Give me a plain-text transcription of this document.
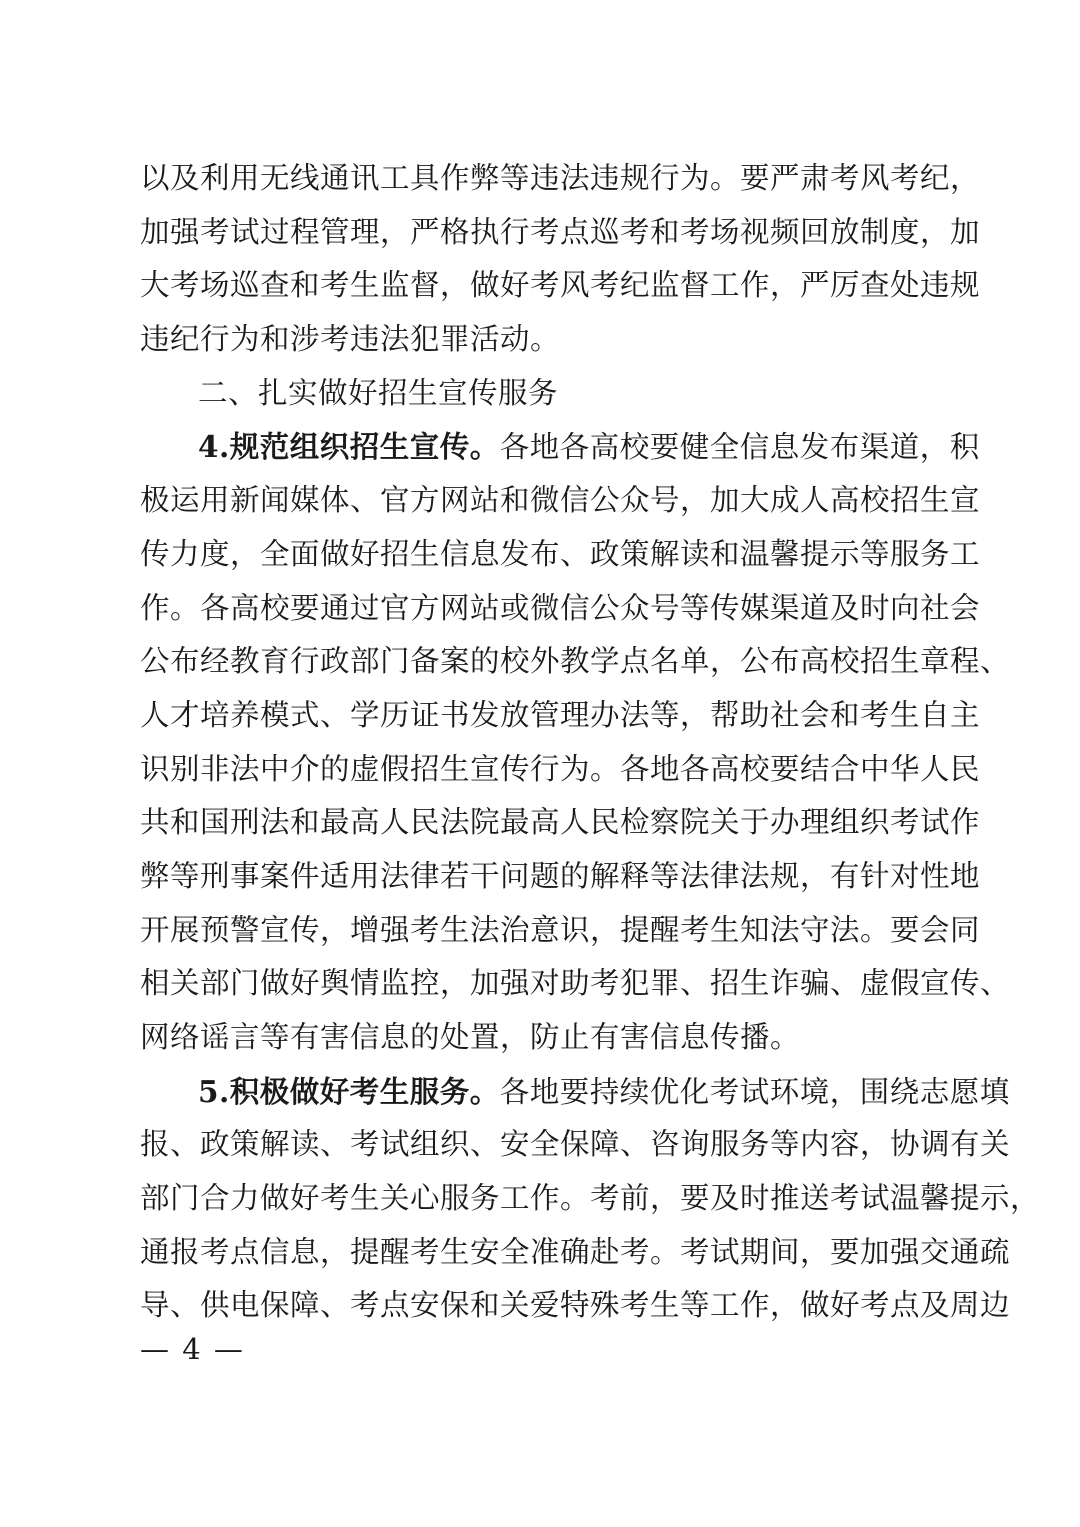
以及利用无线通讯工具作弊等违法违规行为。要严肃考风考纪，
加强考试过程管理，严格执行考点巡考和考场视频回放制度，加
大考场巡查和考生监督，做好考风考纪监督工作，严厉查处违规
违纪行为和涉考违法犯罪活动。
二、扎实做好招生宣传服务
4.规范组织招生宣传。各地各高校要健全信息发布渠道，积
极运用新闻媒体、官方网站和微信公众号，加大成人高校招生宣
传力度，全面做好招生信息发布、政策解读和温馨提示等服务工
作。各高校要通过官方网站或微信公众号等传媒渠道及时向社会
公布经教育行政部门备案的校外教学点名单，公布高校招生章程、
人才培养模式、学历证书发放管理办法等，帮助社会和考生自主
识别非法中介的虚假招生宣传行为。各地各高校要结合中华人民
共和国刑法和最高人民法院最高人民检察院关于办理组织考试作
弊等刑事案件适用法律若干问题的解释等法律法规，有针对性地
开展预警宣传，增强考生法治意识，提醒考生知法守法。要会同
相关部门做好舆情监控，加强对助考犯罪、招生诈骗、虚假宣传、
网络谣言等有害信息的处置，防止有害信息传播。
5.积极做好考生服务。各地要持续优化考试环境，围绕志愿填
报、政策解读、考试组织、安全保障、咨询服务等内容，协调有关
部门合力做好考生关心服务工作。考前，要及时推送考试温馨提示，
通报考点信息，提醒考生安全准确赴考。考试期间，要加强交通疏
导、供电保障、考点安保和关爱特殊考生等工作，做好考点及周边
— 4 —
